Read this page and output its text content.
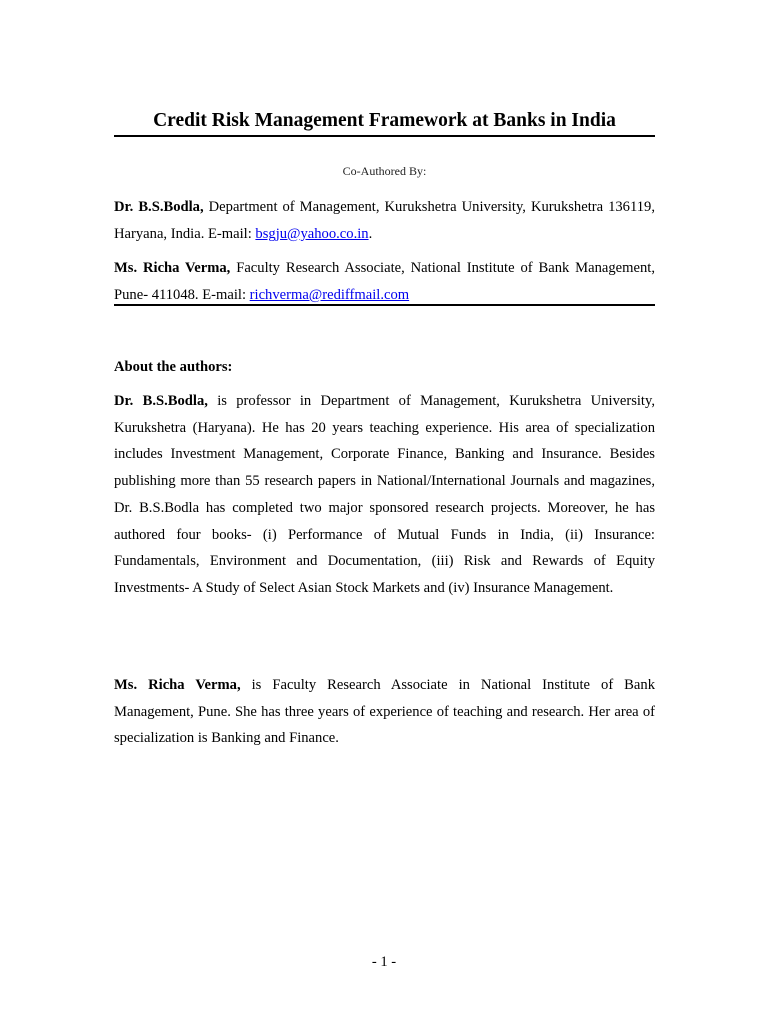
Credit Risk Management Framework at Banks in India
Co-Authored By:

Dr. B.S.Bodla, Department of Management, Kurukshetra University, Kurukshetra 136119, Haryana, India. E-mail: bsgju@yahoo.co.in.

Ms. Richa Verma, Faculty Research Associate, National Institute of Bank Management, Pune- 411048. E-mail: richverma@rediffmail.com

About the authors:

Dr. B.S.Bodla, is professor in Department of Management, Kurukshetra University, Kurukshetra (Haryana). He has 20 years teaching experience. His area of specialization includes Investment Management, Corporate Finance, Banking and Insurance. Besides publishing more than 55 research papers in National/International Journals and magazines, Dr. B.S.Bodla has completed two major sponsored research projects. Moreover, he has authored four books- (i) Performance of Mutual Funds in India, (ii) Insurance: Fundamentals, Environment and Documentation, (iii) Risk and Rewards of Equity Investments- A Study of Select Asian Stock Markets and (iv) Insurance Management.

Ms. Richa Verma, is Faculty Research Associate in National Institute of Bank Management, Pune. She has three years of experience of teaching and research. Her area of specialization is Banking and Finance.

- 1 -
